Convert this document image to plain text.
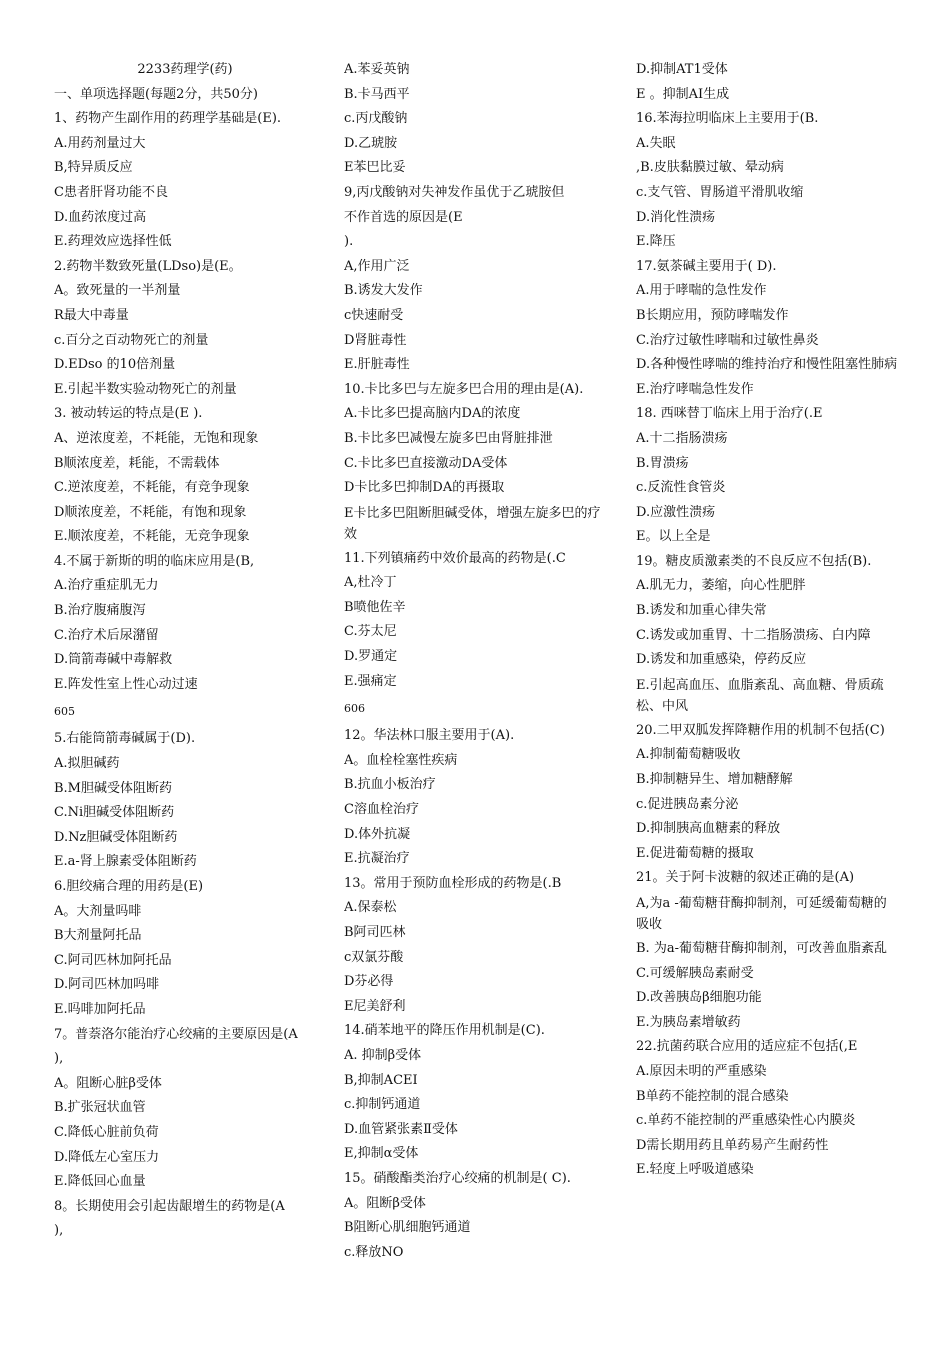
2233药理学(药)
一、单项选择题(每题2分，共50分)
1、药物产生副作用的药理学基础是(E).
A.用药剂量过大
B,特异质反应
C患者肝肾功能不良
D.血药浓度过高
E.药理效应选择性低
2.药物半数致死量(LDso)是(E。
A。致死量的一半剂量
R最大中毒量
c.百分之百动物死亡的剂量
D.EDso 的10倍剂量
E.引起半数实验动物死亡的剂量
3. 被动转运的特点是(E ).
A、逆浓度差，不耗能，无饱和现象
B顺浓度差，耗能，不需载体
C.逆浓度差，不耗能，有竞争现象
D顺浓度差，不耗能，有饱和现象
E.顺浓度差，不耗能，无竞争现象
4.不属于新斯的明的临床应用是(B,
A.治疗重症肌无力
B.治疗腹痛腹泻
C.治疗术后尿潴留
D.筒箭毒碱中毒解救
E.阵发性室上性心动过速
605
5.右能筒箭毒碱属于(D).
A.拟胆碱药
B.M胆碱受体阻断药
C.Ni胆碱受体阻断药
D.Nz胆碱受体阻断药
E.a-肾上腺素受体阻断药
6.胆绞痛合理的用药是(E)
A。大剂量吗啡
B大剂量阿托品
C.阿司匹林加阿托品
D.阿司匹林加吗啡
E.吗啡加阿托品
7。普萘洛尔能治疗心绞痛的主要原因是(A
),
A。阻断心脏β受体
B.扩张冠状血管
C.降低心脏前负荷
D.降低左心室压力
E.降低回心血量
8。长期使用会引起齿龈增生的药物是(A
),
A.苯妥英钠
B.卡马西平
c.丙戊酸钠
D.乙琥胺
E苯巴比妥
9,丙戊酸钠对失神发作虽优于乙琥胺但
不作首选的原因是(E
).
A,作用广泛
B.诱发大发作
c快速耐受
D肾脏毒性
E.肝脏毒性
10.卡比多巴与左旋多巴合用的理由是(A).
A.卡比多巴提高脑内DA的浓度
B.卡比多巴减慢左旋多巴由肾脏排泄
C.卡比多巴直接激动DA受体
D卡比多巴抑制DA的再摄取
E卡比多巴阻断胆碱受体，增强左旋多巴的疗效
11.下列镇痛药中效价最高的药物是(.C
A,杜冷丁
B喷他佐辛
C.芬太尼
D.罗通定
E.强痛定
606
12。华法林口服主要用于(A).
A。血栓栓塞性疾病
B.抗血小板治疗
C溶血栓治疗
D.体外抗凝
E.抗凝治疗
13。常用于预防血栓形成的药物是(.B
A.保泰松
B阿司匹林
c双氯芬酸
D芬必得
E尼美舒利
14.硝苯地平的降压作用机制是(C).
A. 抑制β受体
B,抑制ACEI
c.抑制钙通道
D.血管紧张素Ⅱ受体
E,抑制α受体
15。硝酸酯类治疗心绞痛的机制是( C).
A。阻断β受体
B阻断心肌细胞钙通道
c.释放NO
D.抑制AT1受体
E 。抑制AI生成
16.苯海拉明临床上主要用于(B.
A.失眠
,B.皮肤黏膜过敏、晕动病
c.支气管、胃肠道平滑肌收缩
D.消化性溃疡
E.降压
17.氨茶碱主要用于( D).
A.用于哮喘的急性发作
B长期应用，预防哮喘发作
C.治疗过敏性哮喘和过敏性鼻炎
D.各种慢性哮喘的维持治疗和慢性阻塞性肺病
E.治疗哮喘急性发作
18. 西咪替丁临床上用于治疗(.E
A.十二指肠溃疡
B.胃溃疡
c.反流性食管炎
D.应激性溃疡
E。以上全是
19。糖皮质激素类的不良反应不包括(B).
A.肌无力，萎缩，向心性肥胖
B.诱发和加重心律失常
C.诱发或加重胃、十二指肠溃疡、白内障
D.诱发和加重感染，停药反应
E.引起高血压、血脂紊乱、高血糖、骨质疏松、中风
20.二甲双胍发挥降糖作用的机制不包括(C)
A.抑制葡萄糖吸收
B.抑制糖异生、增加糖酵解
c.促进胰岛素分泌
D.抑制胰高血糖素的释放
E.促进葡萄糖的摄取
21。关于阿卡波糖的叙述正确的是(A)
A,为a -葡萄糖苷酶抑制剂，可延缓葡萄糖的吸收
B. 为a-葡萄糖苷酶抑制剂，可改善血脂紊乱
C.可缓解胰岛素耐受
D.改善胰岛β细胞功能
E.为胰岛素增敏药
22.抗菌药联合应用的适应症不包括(,E
A.原因未明的严重感染
B单药不能控制的混合感染
c.单药不能控制的严重感染性心内膜炎
D需长期用药且单药易产生耐药性
E.轻度上呼吸道感染
